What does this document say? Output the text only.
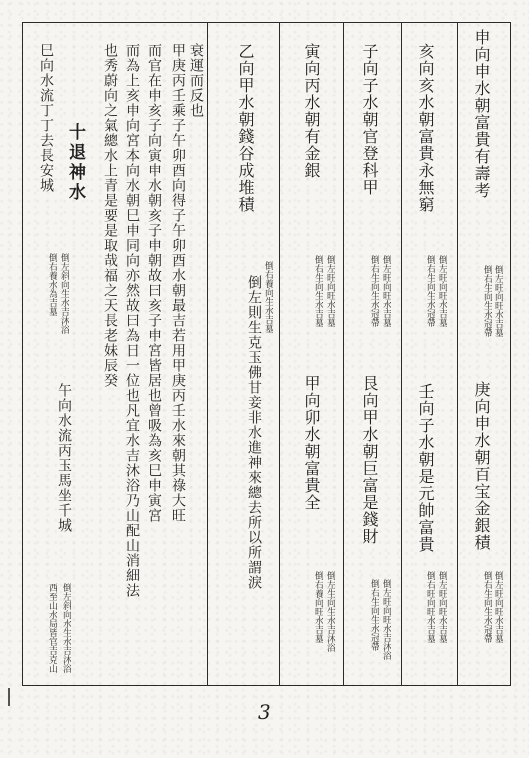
申向申水朝富貴有壽考
倒左旺向旺水吉墓
倒右生向生水冠帶
庚向申水朝百宝金銀積
倒左旺向旺水吉墓
倒右生向生水冠帶
亥向亥水朝富貴永無窮
倒左旺向旺水吉墓
倒右生向生水冠帶
壬向子水朝是元帥富貴
倒左旺向旺水吉墓
倒右旺向旺水吉墓
子向子水朝官登科甲
倒左旺向旺水吉墓
倒右生向生水冠帶
艮向甲水朝巨富是錢財
倒左旺向旺水吉沐浴
倒右生向生水冠帶
寅向丙水朝有金銀
倒左旺向旺水吉墓
倒右生向生水吉墓
甲向卯水朝富貴全
倒左生向生水吉沐浴
倒右養向旺水吉墓
乙向甲水朝錢谷成堆積
倒右養向生水吉墓
倒左則生克玉佛甘妾非水進神來總去所以所謂淚
衰運而反也
甲庚丙壬乘子午卯酉向得子午卯酉水朝最吉若用甲庚丙壬水來朝其祿大旺
而官在申亥子向寅申水朝亥子申朝故曰亥子申宮皆居也曾吸為亥巳申寅宮
而為上亥申向宮本向水朝巳申同向亦然故曰為日一位也凡宜水吉沐浴乃山配山消細法
也秀蔚向之氣總水上青是要是取哉福之天長老妹辰癸
十退神水
巳向水流丁丁去長安城
倒左斜向生水吉沐浴
倒右養水為吉墓
午向水流丙玉馬坐千城
倒左斜向水生水吉沐浴
西至山水局皆官吉克山
3
